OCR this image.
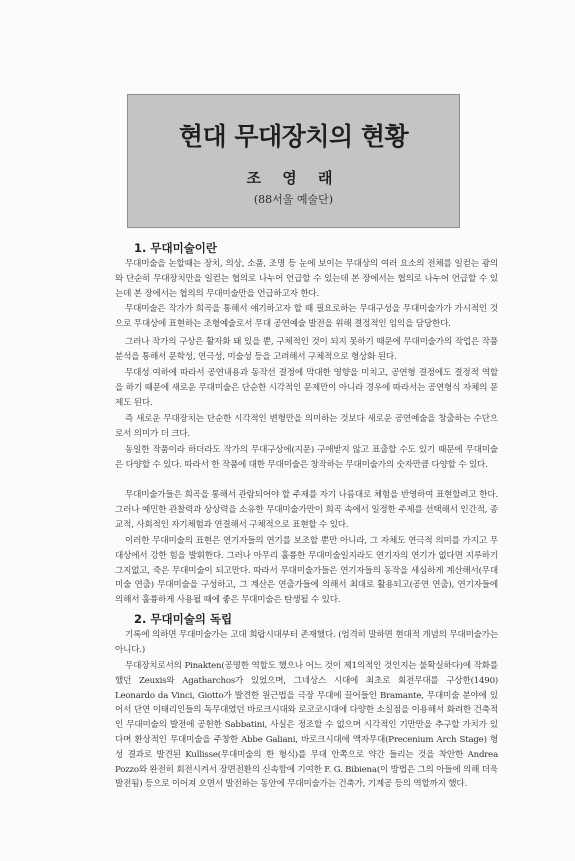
현대 무대장치의 현황
조 영 래
(88서울 예술단)
1. 무대미술이란

무대미술을 논할때는 장치, 의상, 소품, 조명 등 눈에 보이는 무대상의 여러 요소의 전체를 일컫는 광의와 단순히 무대장치만을 일컫는 협의로 나누어 언급할 수 있는데 본 장에서는 협의로 나누어 언급할 수 있는데 본 장에서는 협의의 무대미술만을 언급하고자 한다.

무대미술은 작가가 희곡을 통해서 얘기하고자 할 때 필요로하는 무대구성을 무대미술가가 가시적인 것으로 무대상에 표현하는 조형예술로서 무대 공연예술 발전을 위해 결정적인 임익을 담당한다.

그러나 작가의 구상은 활자화 돼 있을 뿐, 구체적인 것이 되지 못하기 때문에 무대미술가의 작업은 작품분석을 통해서 문학성, 연극성, 미술성 등을 고려해서 구체적으로 형상화 된다.

무대성 여하에 따라서 공연내용과 동작선 결정에 막대한 영향을 미치고, 공연형 결정에도 결정적 역할을 하기 때문에 새로운 무대미술은 단순한 시각적인 문제만이 아니라 경우에 따라서는 공연형식 자체의 문제도 된다.

즉 새로운 무대장치는 단순한 시각적인 변형만을 의미하는 것보다 새로운 공연예술을 창출하는 수단으로서 의미가 더 크다.

동일한 작품이라 하더라도 작가의 무대구상에(지문) 구애받지 않고 표출할 수도 있기 때문에 무대미술은 다양할 수 있다. 따라서 한 작품에 대한 무대미술은 창작하는 무대미술가의 숫자만큼 다양할 수 있다.

무대미술가들은 희곡을 통해서 관람되어야 할 주제를 자기 나름대로 체험을 반영하여 표현할려고 한다. 그러나 예민한 관찰력과 상상력을 소유한 무대미술가만이 희곡 속에서 일정한 주제를 선택해서 인간적, 종교적, 사회적인 자기체험과 연결해서 구체적으로 표현할 수 있다.

이러한 무대미술의 표현은 연기자들의 연기를 보조할 뿐만 아니라, 그 자체도 연극적 의미를 가지고 무대상에서 강한 힘을 발휘한다. 그러나 아무리 훌륭한 무대미술일지라도 연기자의 연기가 없다면 지루하기 그지없고, 죽은 무대미술이 되고만다. 따라서 무대미술가들은 연기자들의 동작을 세심하게 계산해서(무대미술 연출) 무대미술을 구성하고, 그 계산은 연출가들에 의해서 최대로 활용되고(공연 연출), 연기자들에 의해서 훌륭하게 사용될 때에 좋은 무대미술은 탄생될 수 있다.

2. 무대미술의 독립

기록에 의하면 무대미술가는 고대 희랍시대부터 존재했다. (엄격히 말하면 현대적 개념의 무대미술가는 아니다.)

무대장치로서의 Pinakten(공명한 역할도 했으나 어느 것이 제1의적인 것인지는 불확실하다)에 작화를 했던 Zeuxis와 Agatharchos가 있었으며, 그네상스 시대에 최초로 회전무대를 구상한(1490) Leonardo da Vinci, Giotto가 발견한 원근법을 극장 무대에 끌어들인 Bramante, 무대미술 분야에 있어서 단연 이태리인들의 독무대였던 바로크시대와 로코코시대에 다양한 소실점을 이용해서 화려한 건축적인 무대미술의 발전에 공헌한 Sabbatini, 사실은 정조할 수 없으며 시각적인 기만만을 추구할 가치가 있다며 환상적인 무대미술을 주창한 Abbe Galiani, 바로크시대에 액자무대(Precenium Arch Stage) 형성 결과로 발견된 Kullisse(무대미술의 한 형식)를 무대 안쪽으로 약간 들리는 것을 착안한 Andrea Pozzo와 완전히 회전시켜서 장면전환의 신속함에 기여한 F. G. Bibiena(이 방법은 그의 아들에 의해 더욱 발전됨) 등으로 이어져 오면서 발전하는 동안에 무대미술가는 건축가, 기계공 등의 역할까지 했다.
